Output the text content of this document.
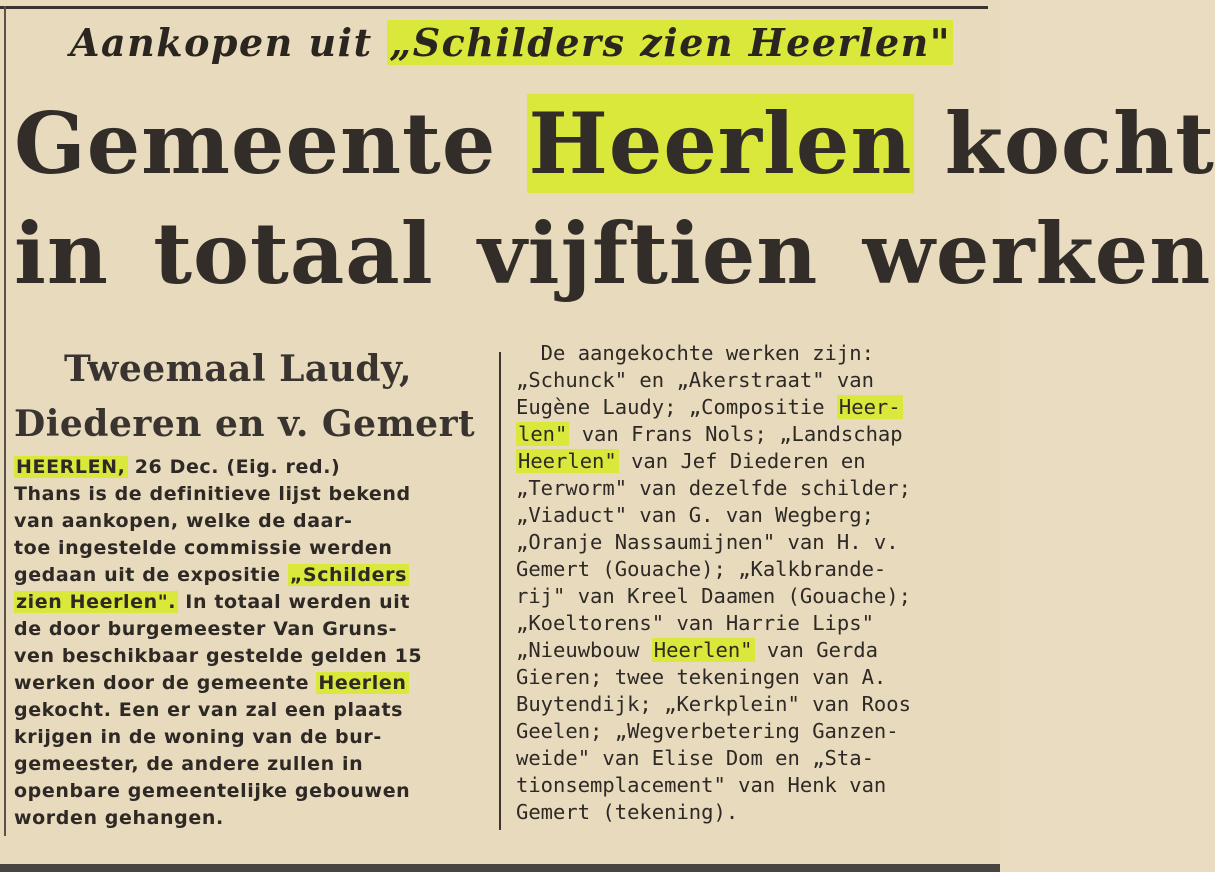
Aankopen uit „Schilders zien Heerlen"
Gemeente Heerlen kocht
in totaal vijftien werken
Tweemaal Laudy,
Diederen en v. Gemert
HEERLEN, 26 Dec. (Eig. red.)
Thans is de definitieve lijst bekend
van aankopen, welke de daar-
toe ingestelde commissie werden
gedaan uit de expositie „Schilders
zien Heerlen". In totaal werden uit
de door burgemeester Van Gruns-
ven beschikbaar gestelde gelden 15
werken door de gemeente Heerlen
gekocht. Een er van zal een plaats
krijgen in de woning van de bur-
gemeester, de andere zullen in
openbare gemeentelijke gebouwen
worden gehangen.
De aangekochte werken zijn:
„Schunck" en „Akerstraat" van
Eugène Laudy; „Compositie Heer-
len" van Frans Nols; „Landschap
Heerlen" van Jef Diederen en
„Terworm" van dezelfde schilder;
„Viaduct" van G. van Wegberg;
„Oranje Nassaumijnen" van H. v.
Gemert (Gouache); „Kalkbrande-
rij" van Kreel Daamen (Gouache);
„Koeltorens" van Harrie Lips"
„Nieuwbouw Heerlen" van Gerda
Gieren; twee tekeningen van A.
Buytendijk; „Kerkplein" van Roos
Geelen; „Wegverbetering Ganzen-
weide" van Elise Dom en „Sta-
tionsemplacement" van Henk van
Gemert (tekening).
